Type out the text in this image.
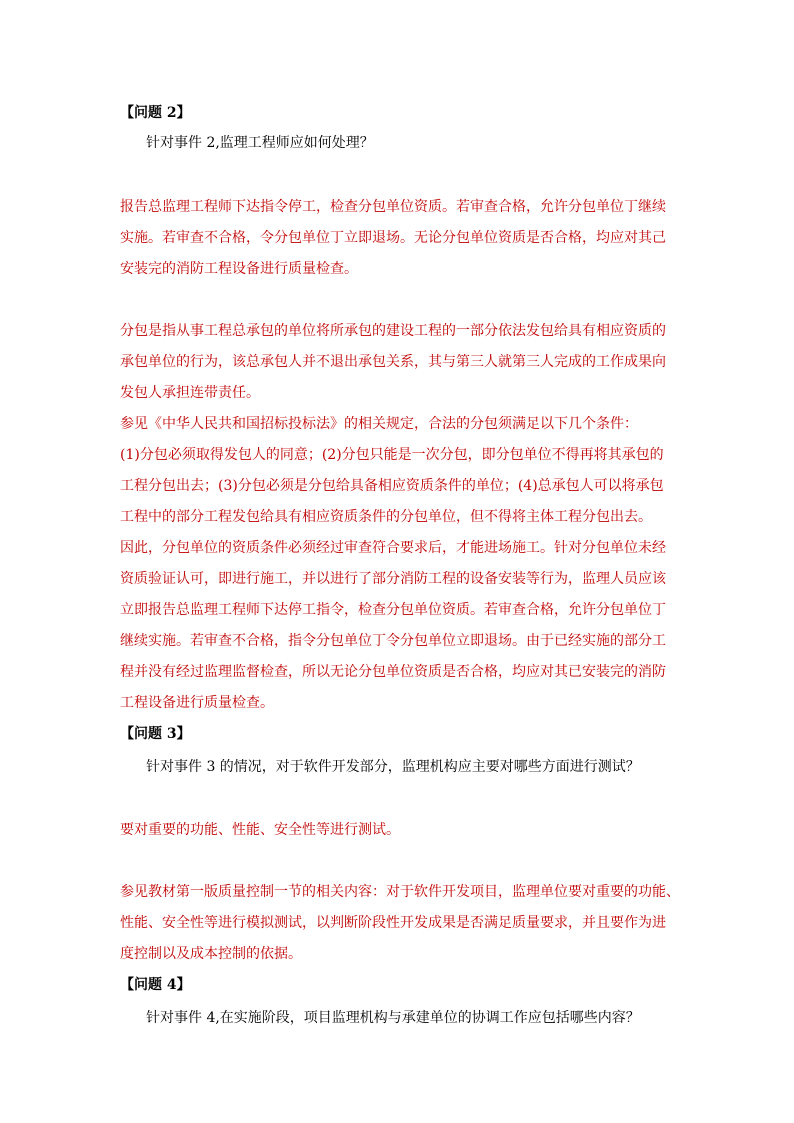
【问题 2】
针对事件 2,监理工程师应如何处理？
报告总监理工程师下达指令停工，检查分包单位资质。若审查合格，允许分包单位丁继续
实施。若审查不合格，令分包单位丁立即退场。无论分包单位资质是否合格，均应对其己
安装完的消防工程设备进行质量检查。
分包是指从事工程总承包的单位将所承包的建设工程的一部分依法发包给具有相应资质的
承包单位的行为，该总承包人并不退出承包关系，其与第三人就第三人完成的工作成果向
发包人承担连带责任。
参见《中华人民共和国招标投标法》的相关规定，合法的分包须满足以下几个条件：
(1)分包必须取得发包人的同意；(2)分包只能是一次分包，即分包单位不得再将其承包的
工程分包出去；(3)分包必须是分包给具备相应资质条件的单位；(4)总承包人可以将承包
工程中的部分工程发包给具有相应资质条件的分包单位，但不得将主体工程分包出去。
因此，分包单位的资质条件必须经过审查符合要求后，才能进场施工。针对分包单位未经
资质验证认可，即进行施工，并以进行了部分消防工程的设备安装等行为，监理人员应该
立即报告总监理工程师下达停工指令，检查分包单位资质。若审查合格，允许分包单位丁
继续实施。若审查不合格，指令分包单位丁令分包单位立即退场。由于已经实施的部分工
程并没有经过监理监督检查，所以无论分包单位资质是否合格，均应对其已安装完的消防
工程设备进行质量检查。
【问题 3】
针对事件 3 的情况，对于软件开发部分，监理机构应主要对哪些方面进行测试？
要对重要的功能、性能、安全性等进行测试。
参见教材第一版质量控制一节的相关内容：对于软件开发项目，监理单位要对重要的功能、
性能、安全性等进行模拟测试，以判断阶段性开发成果是否满足质量要求，并且要作为进
度控制以及成本控制的依据。
【问题 4】
针对事件 4,在实施阶段，项目监理机构与承建单位的协调工作应包括哪些内容？
